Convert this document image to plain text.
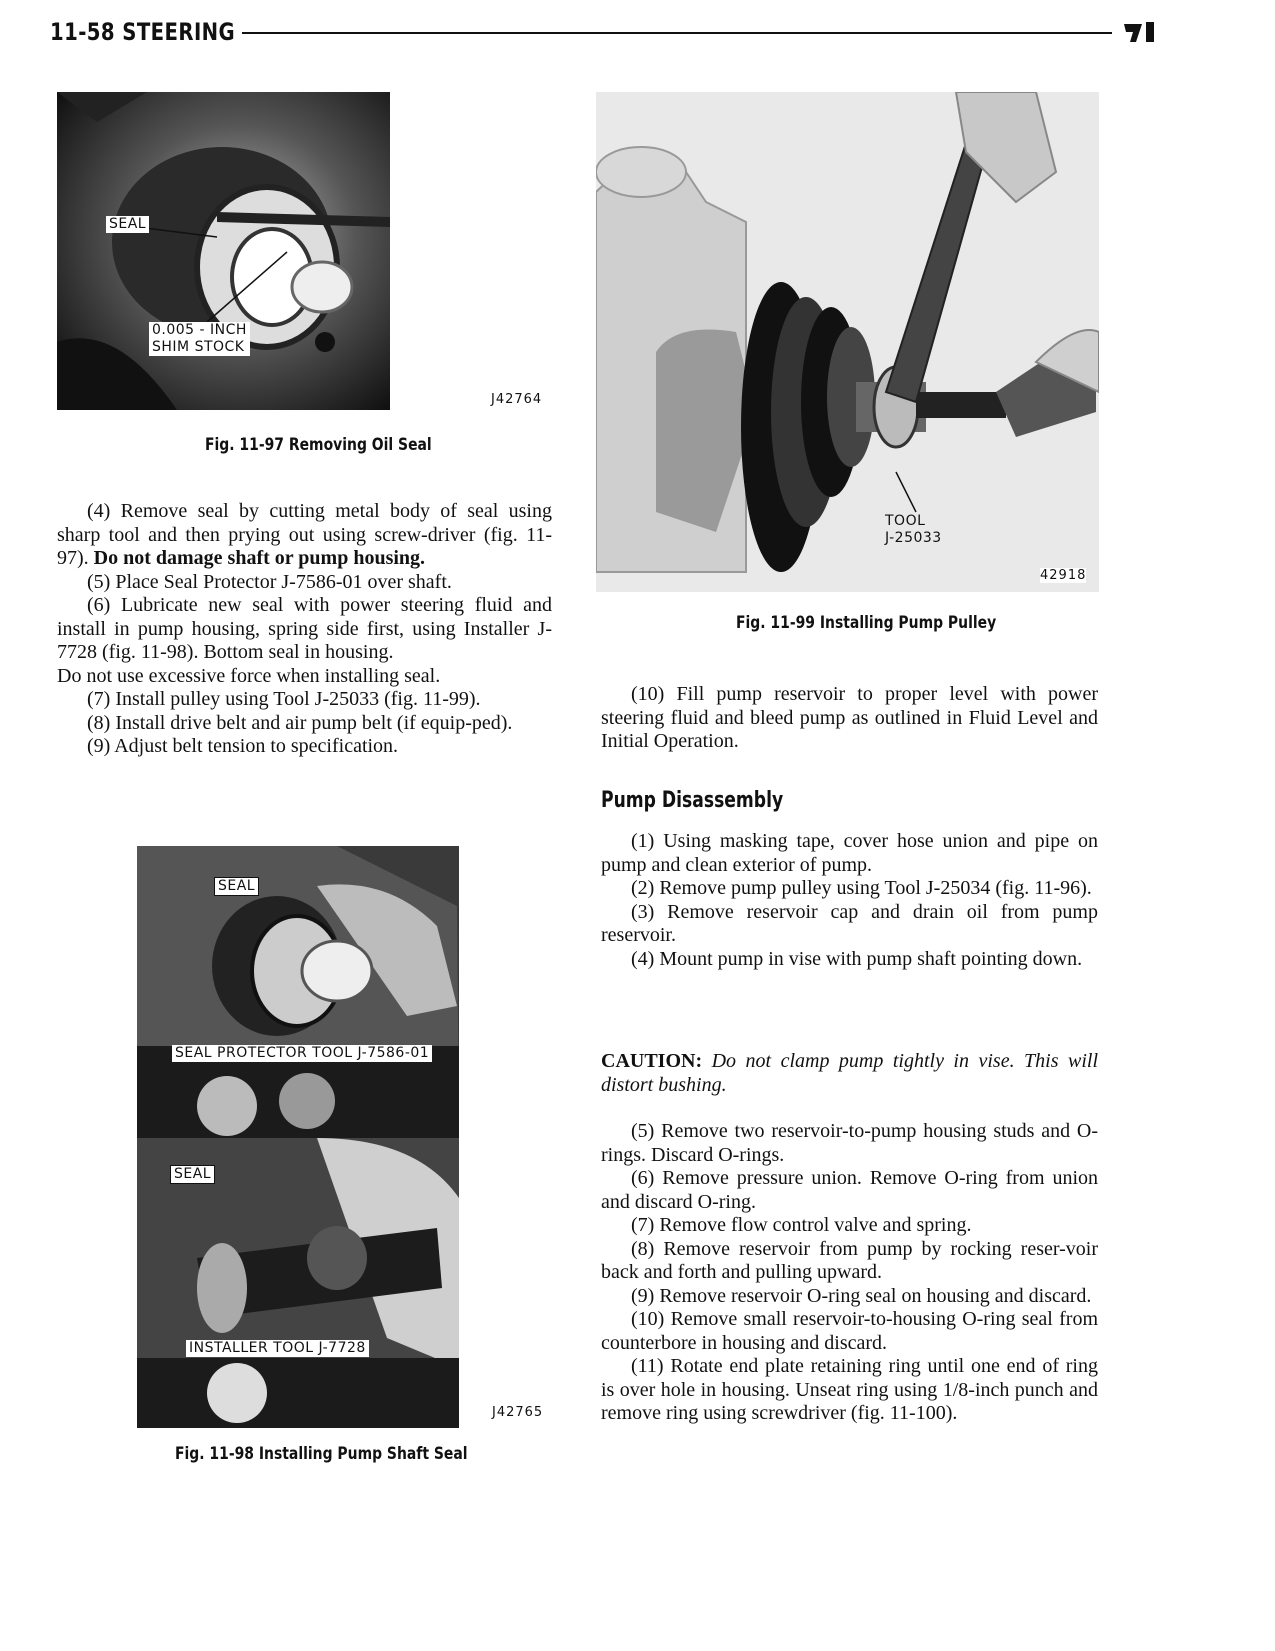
11-58 STEERING
SEAL
0.005 - INCH
SHIM STOCK
J42764
Fig. 11-97 Removing Oil Seal
TOOL
J-25033
42918
Fig. 11-99 Installing Pump Pulley

(4) Remove seal by cutting metal body of seal using sharp tool and then prying out using screw-driver (fig. 11-97). Do not damage shaft or pump housing.

(5) Place Seal Protector J-7586-01 over shaft.

(6) Lubricate new seal with power steering fluid and install in pump housing, spring side first, using Installer J-7728 (fig. 11-98). Bottom seal in housing.

Do not use excessive force when installing seal.

(7) Install pulley using Tool J-25033 (fig. 11-99).

(8) Install drive belt and air pump belt (if equip-ped).

(9) Adjust belt tension to specification.

SEAL
SEAL PROTECTOR TOOL J-7586-01
SEAL
INSTALLER TOOL J-7728
J42765
Fig. 11-98 Installing Pump Shaft Seal

(10) Fill pump reservoir to proper level with power steering fluid and bleed pump as outlined in Fluid Level and Initial Operation.

Pump Disassembly

(1) Using masking tape, cover hose union and pipe on pump and clean exterior of pump.

(2) Remove pump pulley using Tool J-25034 (fig. 11-96).

(3) Remove reservoir cap and drain oil from pump reservoir.

(4) Mount pump in vise with pump shaft pointing down.

CAUTION: Do not clamp pump tightly in vise. This will distort bushing.

(5) Remove two reservoir-to-pump housing studs and O-rings. Discard O-rings.

(6) Remove pressure union. Remove O-ring from union and discard O-ring.

(7) Remove flow control valve and spring.

(8) Remove reservoir from pump by rocking reser-voir back and forth and pulling upward.

(9) Remove reservoir O-ring seal on housing and discard.

(10) Remove small reservoir-to-housing O-ring seal from counterbore in housing and discard.

(11) Rotate end plate retaining ring until one end of ring is over hole in housing. Unseat ring using 1/8-inch punch and remove ring using screwdriver (fig. 11-100).
